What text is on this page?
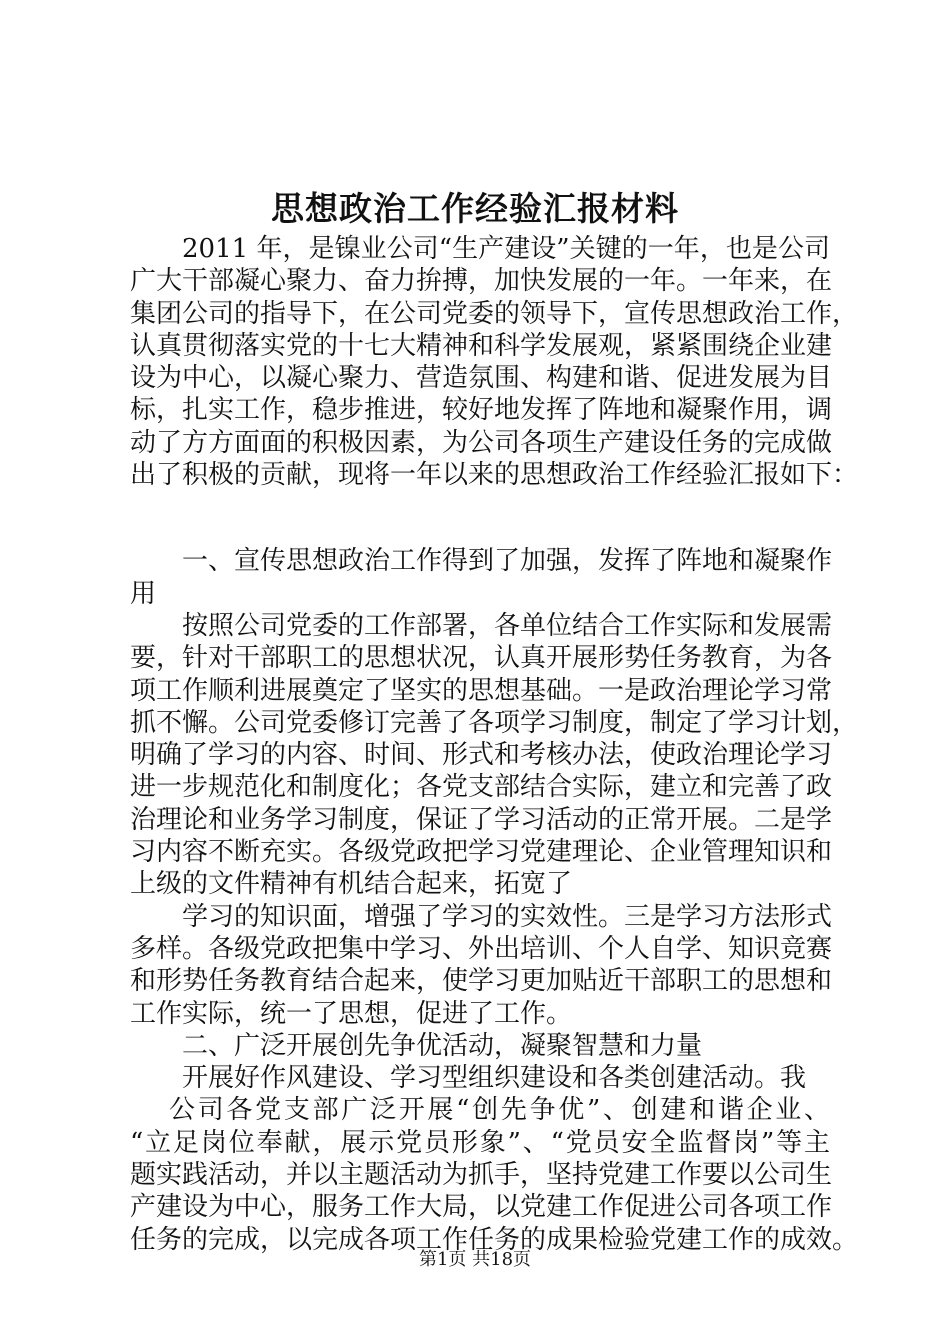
思想政治工作经验汇报材料
2011 年，是镍业公司“生产建设”关键的一年，也是公司
广大干部凝心聚力、奋力拚搏，加快发展的一年。一年来，在
集团公司的指导下，在公司党委的领导下，宣传思想政治工作，
认真贯彻落实党的十七大精神和科学发展观，紧紧围绕企业建
设为中心，以凝心聚力、营造氛围、构建和谐、促进发展为目
标，扎实工作，稳步推进，较好地发挥了阵地和凝聚作用，调
动了方方面面的积极因素，为公司各项生产建设任务的完成做
出了积极的贡献，现将一年以来的思想政治工作经验汇报如下：
一、宣传思想政治工作得到了加强，发挥了阵地和凝聚作
用
按照公司党委的工作部署，各单位结合工作实际和发展需
要，针对干部职工的思想状况，认真开展形势任务教育，为各
项工作顺利进展奠定了坚实的思想基础。一是政治理论学习常
抓不懈。公司党委修订完善了各项学习制度，制定了学习计划，
明确了学习的内容、时间、形式和考核办法，使政治理论学习
进一步规范化和制度化；各党支部结合实际，建立和完善了政
治理论和业务学习制度，保证了学习活动的正常开展。二是学
习内容不断充实。各级党政把学习党建理论、企业管理知识和
上级的文件精神有机结合起来，拓宽了
学习的知识面，增强了学习的实效性。三是学习方法形式
多样。各级党政把集中学习、外出培训、个人自学、知识竞赛
和形势任务教育结合起来，使学习更加贴近干部职工的思想和
工作实际，统一了思想，促进了工作。
二、广泛开展创先争优活动，凝聚智慧和力量
开展好作风建设、学习型组织建设和各类创建活动。我
公司各党支部广泛开展“创先争优”、创建和谐企业、
“立足岗位奉献，展示党员形象”、“党员安全监督岗”等主
题实践活动，并以主题活动为抓手，坚持党建工作要以公司生
产建设为中心，服务工作大局，以党建工作促进公司各项工作
任务的完成，以完成各项工作任务的成果检验党建工作的成效。
第1页 共18页
